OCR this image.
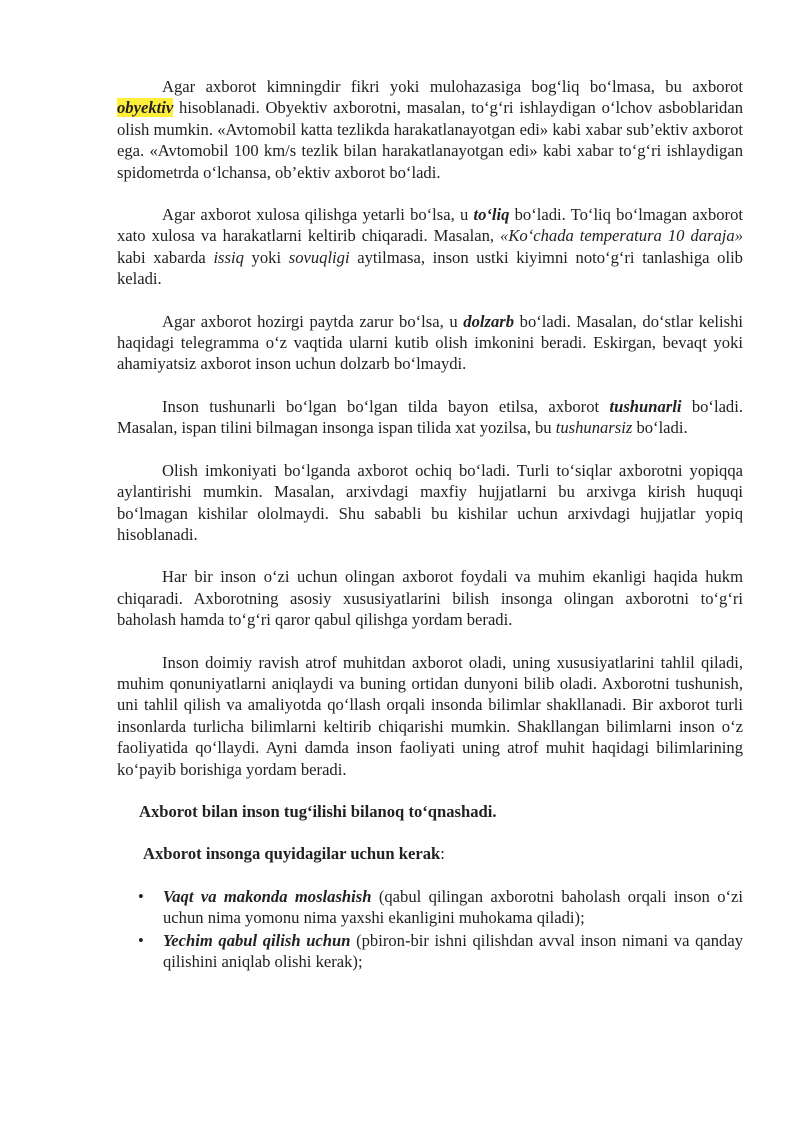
Agar axborot kimningdir fikri yoki mulohazasiga bog‘liq bo‘lmasa, bu axborot obyektiv hisoblanadi. Obyektiv axborotni, masalan, to‘g‘ri ishlaydigan o‘lchov asboblaridan olish mumkin. «Avtomobil katta tezlikda harakatlanayotgan edi» kabi xabar sub’ektiv axborot ega. «Avtomobil 100 km/s tezlik bilan harakatlanayotgan edi» kabi xabar to‘g‘ri ishlaydigan spidometrda o‘lchansa, ob’ektiv axborot bo‘ladi.

Agar axborot xulosa qilishga yetarli bo‘lsa, u to‘liq bo‘ladi. To‘liq bo‘lmagan axborot xato xulosa va harakatlarni keltirib chiqaradi. Masalan, «Ko‘chada temperatura 10 daraja» kabi xabarda issiq yoki sovuqligi aytilmasa, inson ustki kiyimni noto‘g‘ri tanlashiga olib keladi.

Agar axborot hozirgi paytda zarur bo‘lsa, u dolzarb bo‘ladi. Masalan, do‘stlar kelishi haqidagi telegramma o‘z vaqtida ularni kutib olish imkonini beradi. Eskirgan, bevaqt yoki ahamiyatsiz axborot inson uchun dolzarb bo‘lmaydi.

Inson tushunarli bo‘lgan bo‘lgan tilda bayon etilsa, axborot tushunarli bo‘ladi. Masalan, ispan tilini bilmagan insonga ispan tilida xat yozilsa, bu tushunarsiz bo‘ladi.

Olish imkoniyati bo‘lganda axborot ochiq bo‘ladi. Turli to‘siqlar axborotni yopiqqa aylantirishi mumkin. Masalan, arxivdagi maxfiy hujjatlarni bu arxivga kirish huquqi bo‘lmagan kishilar ololmaydi. Shu sababli bu kishilar uchun arxivdagi hujjatlar yopiq hisoblanadi.

Har bir inson o‘zi uchun olingan axborot foydali va muhim ekanligi haqida hukm chiqaradi. Axborotning asosiy xususiyatlarini bilish insonga olingan axborotni to‘g‘ri baholash hamda to‘g‘ri qaror qabul qilishga yordam beradi.

Inson doimiy ravish atrof muhitdan axborot oladi, uning xususiyatlarini tahlil qiladi, muhim qonuniyatlarni aniqlaydi va buning ortidan dunyoni bilib oladi. Axborotni tushunish, uni tahlil qilish va amaliyotda qo‘llash orqali insonda bilimlar shakllanadi. Bir axborot turli insonlarda turlicha bilimlarni keltirib chiqarishi mumkin. Shakllangan bilimlarni inson o‘z faoliyatida qo‘llaydi. Ayni damda inson faoliyati uning atrof muhit haqidagi bilimlarining ko‘payib borishiga yordam beradi.

Axborot bilan inson tug‘ilishi bilanoq to‘qnashadi.

Axborot insonga quyidagilar uchun kerak:

• Vaqt va makonda moslashish (qabul qilingan axborotni baholash orqali inson o‘zi uchun nima yomonu nima yaxshi ekanligini muhokama qiladi);
• Yechim qabul qilish uchun (pbiron-bir ishni qilishdan avval inson nimani va qanday qilishini aniqlab olishi kerak);
